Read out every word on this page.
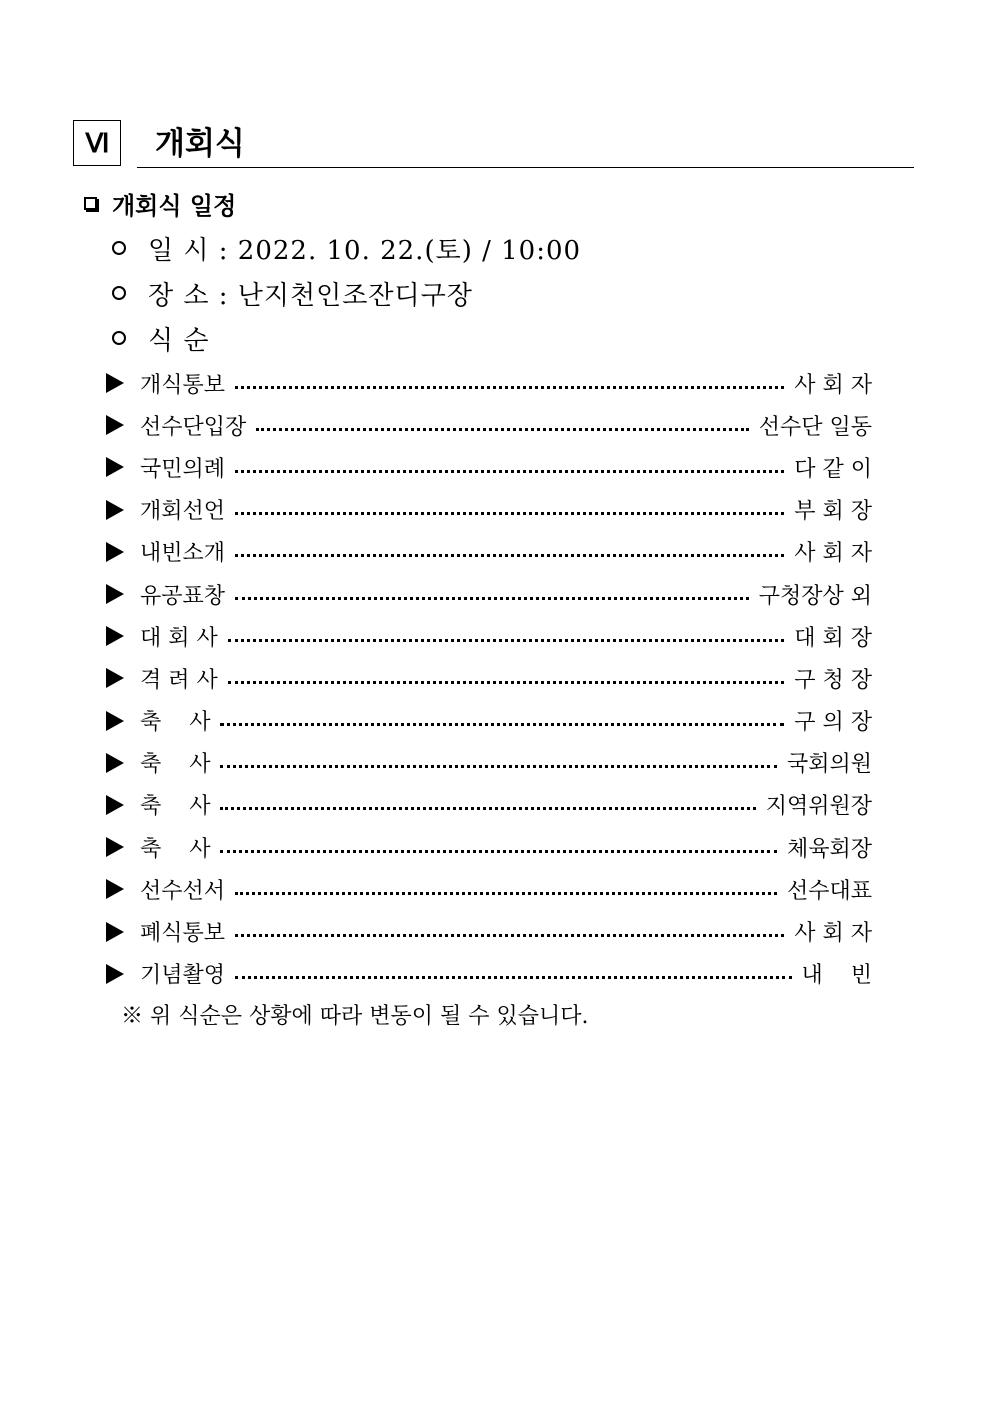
Ⅵ 개회식
개회식 일정
일 시 : 2022. 10. 22.(토) / 10:00
장 소 : 난지천인조잔디구장
식 순
개식통보	사 회 자
선수단입장	선수단 일동
국민의례	다 같 이
개회선언	부 회 장
내빈소개	사 회 자
유공표창	구청장상 외
대 회 사	대 회 장
격 려 사	구 청 장
축    사	구 의 장
축    사	국회의원
축    사	지역위원장
축    사	체육회장
선수선서	선수대표
폐식통보	사 회 자
기념촬영	내    빈
※ 위 식순은 상황에 따라 변동이 될 수 있습니다.
